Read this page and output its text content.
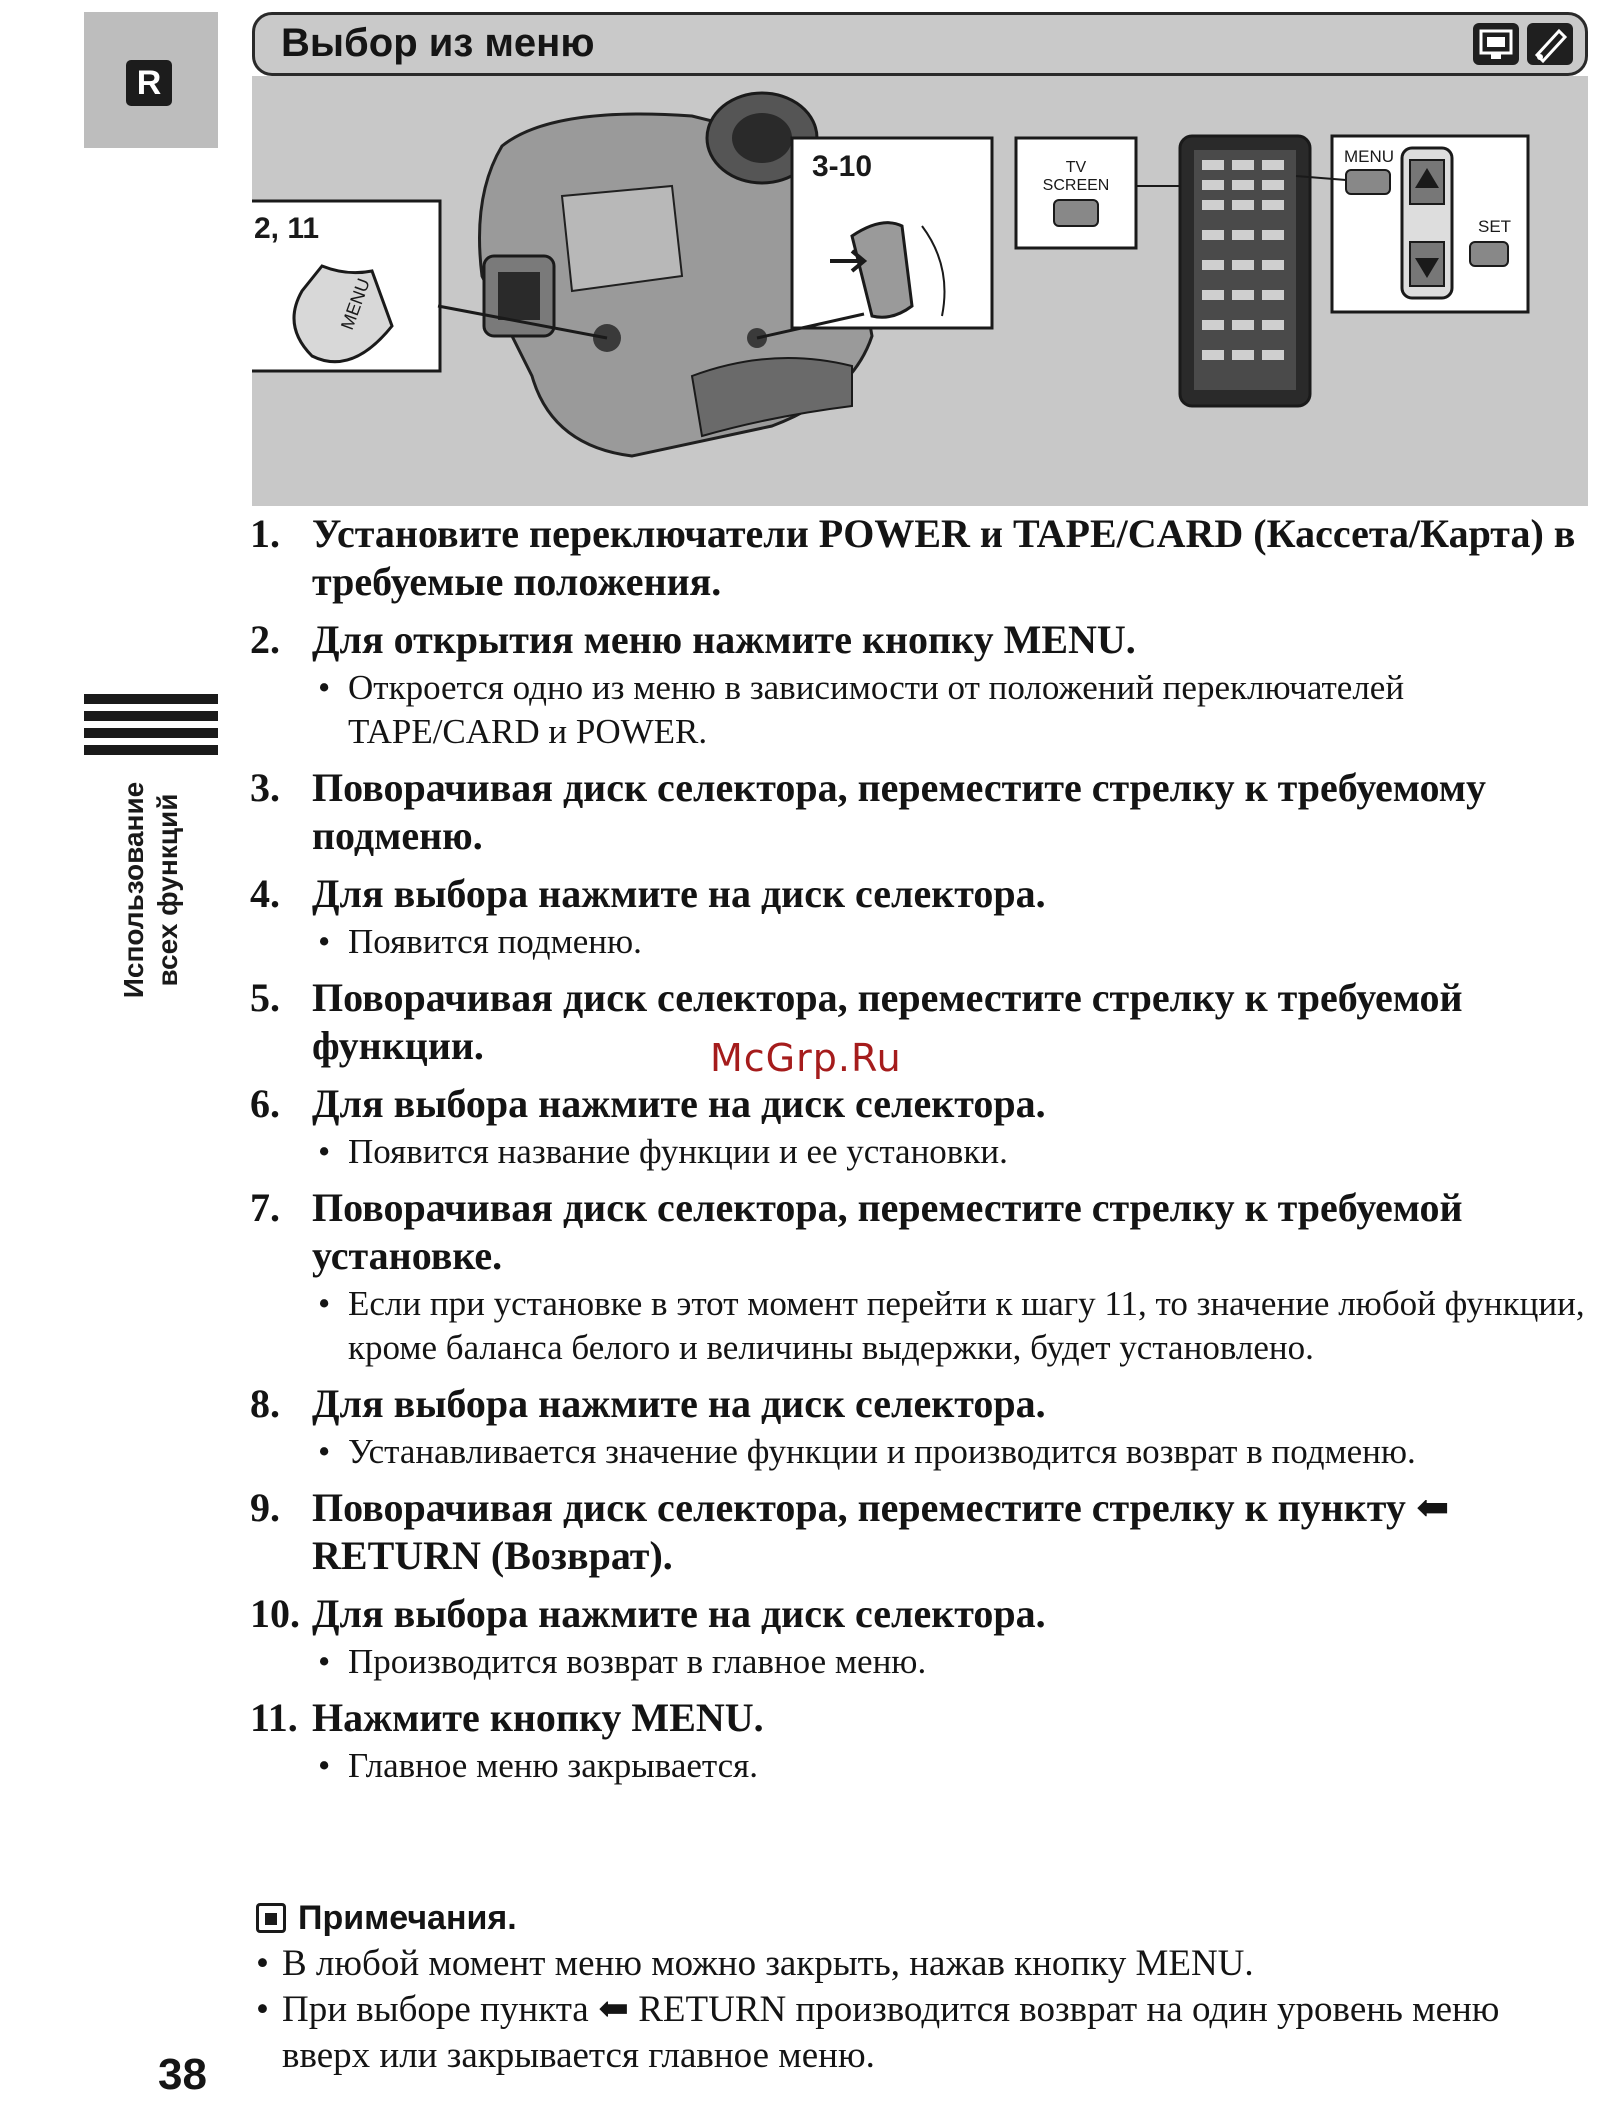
R
Выбор из меню
2, 11
MENU
3-10	TV
SCREEN
MENU
SET
1. Установите переключатели POWER и TAPE/CARD (Кассета/Карта) в требуемые положения.
2. Для открытия меню нажмите кнопку MENU.
• Откроется одно из меню в зависимости от положений переключателей TAPE/CARD и POWER.
3. Поворачивая диск селектора, переместите стрелку к требуемому подменю.
4. Для выбора нажмите на диск селектора.
• Появится подменю.
5. Поворачивая диск селектора, переместите стрелку к требуемой функции.
6. Для выбора нажмите на диск селектора.
• Появится название функции и ее установки.
7. Поворачивая диск селектора, переместите стрелку к требуемой установке.
• Если при установке в этот момент перейти к шагу 11, то значение любой функции, кроме баланса белого и величины выдержки, будет установлено.
8. Для выбора нажмите на диск селектора.
• Устанавливается значение функции и производится возврат в подменю.
9. Поворачивая диск селектора, переместите стрелку к пункту ⬅ RETURN (Возврат).
10. Для выбора нажмите на диск селектора.
• Производится возврат в главное меню.
11. Нажмите кнопку MENU.
• Главное меню закрывается.
Использование всех функций
McGrp.Ru
Примечания.
• В любой момент меню можно закрыть, нажав кнопку MENU.
• При выборе пункта ⬅ RETURN производится возврат на один уровень меню вверх или закрывается главное меню.
38
